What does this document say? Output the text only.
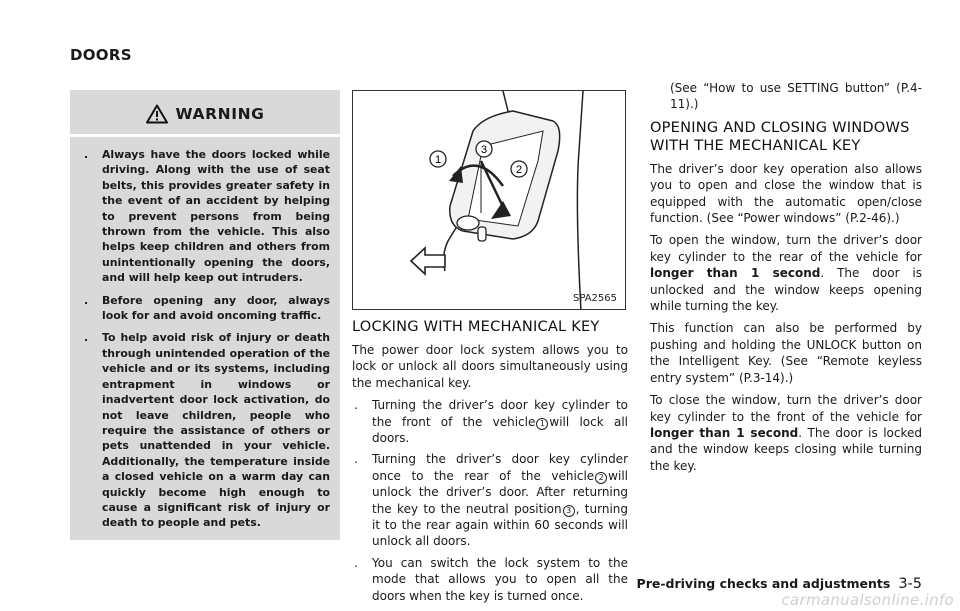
DOORS
WARNING
.	Always have the doors locked while driving. Along with the use of seat belts, this provides greater safety in the event of an accident by helping to prevent persons from being thrown from the vehicle. This also helps keep children and others from unintentionally opening the doors, and will help keep out intruders.
.	Before opening any door, always look for and avoid oncoming traffic.
.	To help avoid risk of injury or death through unintended operation of the vehicle and or its systems, including entrapment in windows or inadvertent door lock activation, do not leave children, people who require the assistance of others or pets unattended in your vehicle. Additionally, the temperature inside a closed vehicle on a warm day can quickly become high enough to cause a significant risk of injury or death to people and pets.
1
3
2
SPA2565
LOCKING WITH MECHANICAL KEY

The power door lock system allows you to lock or unlock all doors simultaneously using the mechanical key.

.	Turning the driver’s door key cylinder to the front of the vehicle 1 will lock all doors.
.	Turning the driver’s door key cylinder once to the rear of the vehicle 2 will unlock the driver’s door. After returning the key to the neutral position 3 , turning it to the rear again within 60 seconds will unlock all doors.
.	You can switch the lock system to the mode that allows you to open all the doors when the key is turned once.

(See “How to use SETTING button” (P.4-11).)

OPENING AND CLOSING WINDOWS WITH THE MECHANICAL KEY

The driver’s door key operation also allows you to open and close the window that is equipped with the automatic open/close function. (See “Power windows” (P.2-46).)

To open the window, turn the driver’s door key cylinder to the rear of the vehicle for longer than 1 second. The door is unlocked and the window keeps opening while turning the key.

This function can also be performed by pushing and holding the UNLOCK button on the Intelligent Key. (See “Remote keyless entry system” (P.3-14).)

To close the window, turn the driver’s door key cylinder to the front of the vehicle for longer than 1 second. The door is locked and the window keeps closing while turning the key.

Pre-driving checks and adjustments 3-5
carmanualsonline.info
